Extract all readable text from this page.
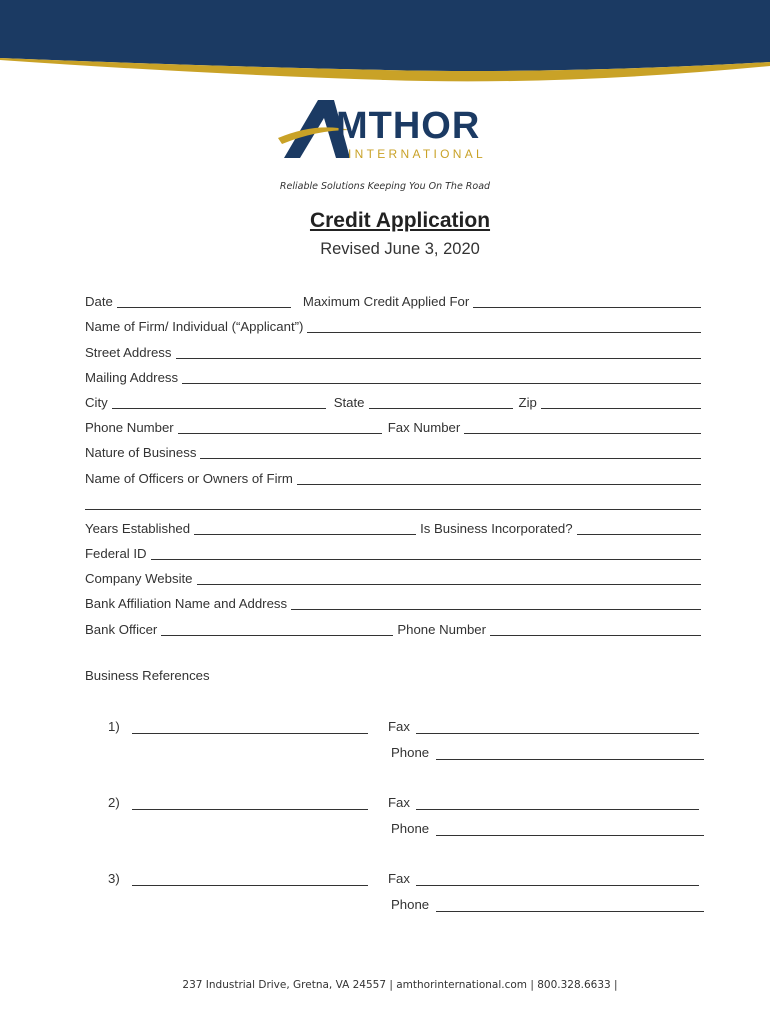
MTHOR
INTERNATIONAL
Reliable Solutions Keeping You On The Road
Credit Application
Revised June 3, 2020
Date	Maximum Credit Applied For
Name of Firm/ Individual (“Applicant”)
Street Address
Mailing Address
City	State	Zip
Phone Number	Fax Number
Nature of Business
Name of Officers or Owners of Firm
Years Established	Is Business Incorporated?
Federal ID
Company Website
Bank Affiliation Name and Address
Bank Officer	Phone Number
Business References
1)	Fax
Phone
2)	Fax
Phone
3)	Fax
Phone
237 Industrial Drive, Gretna, VA 24557 | amthorinternational.com | 800.328.6633 |
